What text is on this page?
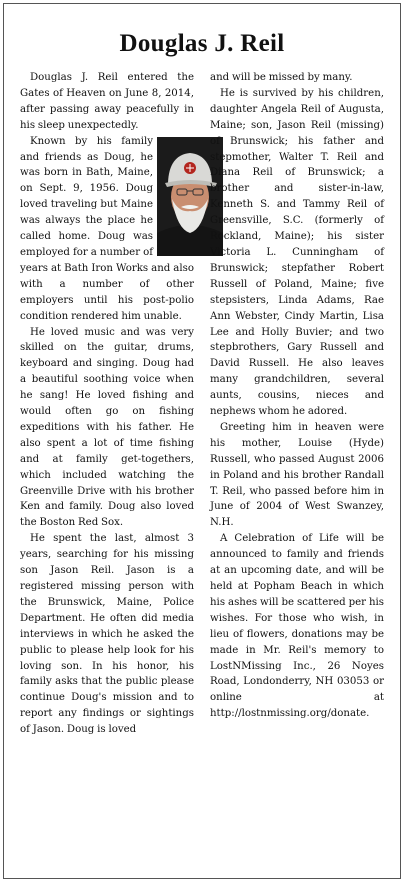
Douglas J. Reil

Douglas J. Reil entered the Gates of Heaven on June 8, 2014, after passing away peacefully in his sleep unexpectedly.

Known by his family and friends as Doug, he was born in Bath, Maine, on Sept. 9, 1956. Doug loved traveling but Maine was always the place he called home. Doug was employed for a number of years at Bath Iron Works and also with a number of other employers until his post-polio condition rendered him unable.

He loved music and was very skilled on the guitar, drums, keyboard and singing. Doug had a beautiful soothing voice when he sang! He loved fishing and would often go on fishing expeditions with his father. He also spent a lot of time fishing and at family get-togethers, which included watching the Greenville Drive with his brother Ken and family. Doug also loved the Boston Red Sox.

He spent the last, almost 3 years, searching for his missing son Jason Reil. Jason is a registered missing person with the Brunswick, Maine, Police Department. He often did media interviews in which he asked the public to please help look for his loving son. In his honor, his family asks that the public please continue Doug's mission and to report any findings or sightings of Jason. Doug is loved

and will be missed by many.

He is survived by his children, daughter Angela Reil of Augusta, Maine; son, Jason Reil (missing) of Brunswick; his father and stepmother, Walter T. Reil and Diana Reil of Brunswick; a brother and sister-in-law, Kenneth S. and Tammy Reil of Greensville, S.C. (formerly of Rockland, Maine); his sister Victoria L. Cunningham of Brunswick; stepfather Robert Russell of Poland, Maine; five stepsisters, Linda Adams, Rae Ann Webster, Cindy Martin, Lisa Lee and Holly Buvier; and two stepbrothers, Gary Russell and David Russell. He also leaves many grandchildren, several aunts, cousins, nieces and nephews whom he adored.

Greeting him in heaven were his mother, Louise (Hyde) Russell, who passed August 2006 in Poland and his brother Randall T. Reil, who passed before him in June of 2004 of West Swanzey, N.H.

A Celebration of Life will be announced to family and friends at an upcoming date, and will be held at Popham Beach in which his ashes will be scattered per his wishes. For those who wish, in lieu of flowers, donations may be made in Mr. Reil's memory to LostNMissing Inc., 26 Noyes Road, Londonderry, NH 03053 or online at http://lostnmissing.org/donate.
